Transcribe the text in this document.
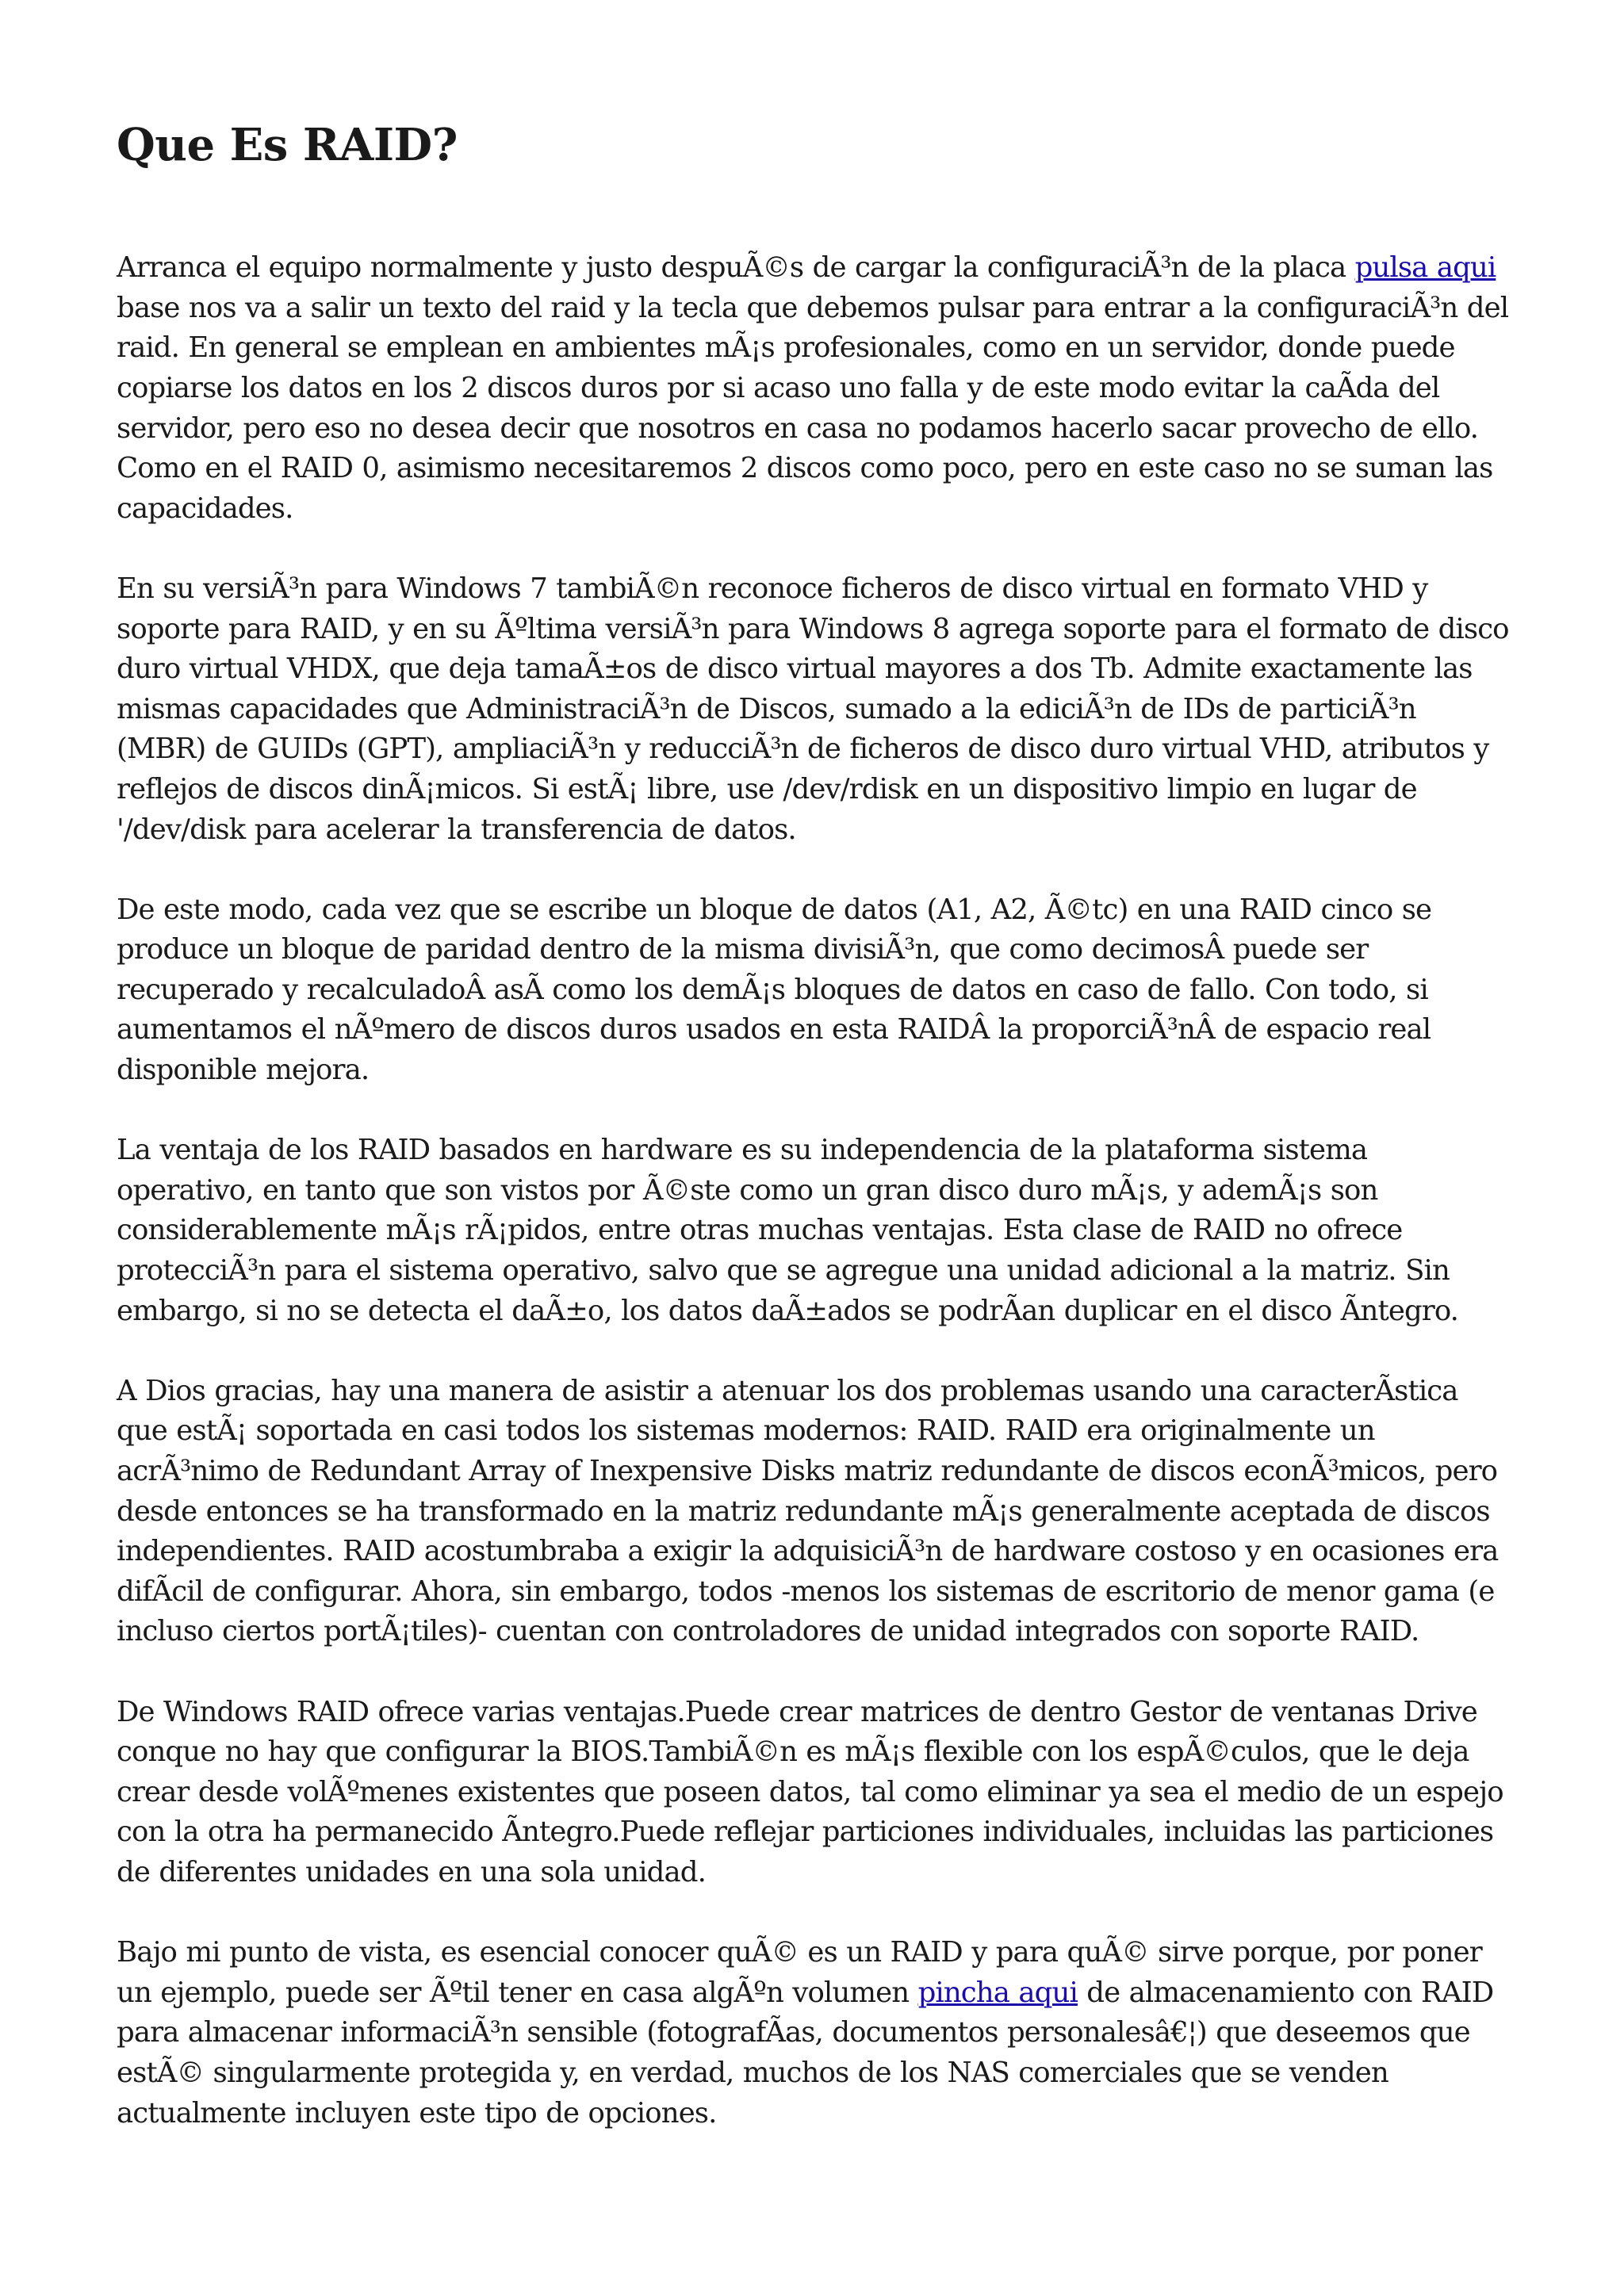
Que Es RAID?

Arranca el equipo normalmente y justo despuÃ©s de cargar la configuraciÃ³n de la placa pulsa aqui base nos va a salir un texto del raid y la tecla que debemos pulsar para entrar a la configuraciÃ³n del raid. En general se emplean en ambientes mÃ¡s profesionales, como en un servidor, donde puede copiarse los datos en los 2 discos duros por si acaso uno falla y de este modo evitar la caÃda del servidor, pero eso no desea decir que nosotros en casa no podamos hacerlo sacar provecho de ello. Como en el RAID 0, asimismo necesitaremos 2 discos como poco, pero en este caso no se suman las capacidades.

En su versiÃ³n para Windows 7 tambiÃ©n reconoce ficheros de disco virtual en formato VHD y soporte para RAID, y en su Ãºltima versiÃ³n para Windows 8 agrega soporte para el formato de disco duro virtual VHDX, que deja tamaÃ±os de disco virtual mayores a dos Tb. Admite exactamente las mismas capacidades que AdministraciÃ³n de Discos, sumado a la ediciÃ³n de IDs de particiÃ³n (MBR) de GUIDs (GPT), ampliaciÃ³n y reducciÃ³n de ficheros de disco duro virtual VHD, atributos y reflejos de discos dinÃ¡micos. Si estÃ¡ libre, use /dev/rdisk en un dispositivo limpio en lugar de '/dev/disk para acelerar la transferencia de datos.

De este modo, cada vez que se escribe un bloque de datos (A1, A2, Ã©tc) en una RAID cinco se produce un bloque de paridad dentro de la misma divisiÃ³n, que como decimosÂ puede ser recuperado y recalculadoÂ asÃ como los demÃ¡s bloques de datos en caso de fallo. Con todo, si aumentamos el nÃºmero de discos duros usados en esta RAIDÂ la proporciÃ³nÂ de espacio real disponible mejora.

La ventaja de los RAID basados en hardware es su independencia de la plataforma sistema operativo, en tanto que son vistos por Ã©ste como un gran disco duro mÃ¡s, y ademÃ¡s son considerablemente mÃ¡s rÃ¡pidos, entre otras muchas ventajas. Esta clase de RAID no ofrece protecciÃ³n para el sistema operativo, salvo que se agregue una unidad adicional a la matriz. Sin embargo, si no se detecta el daÃ±o, los datos daÃ±ados se podrÃan duplicar en el disco Ãntegro.

A Dios gracias, hay una manera de asistir a atenuar los dos problemas usando una caracterÃstica que estÃ¡ soportada en casi todos los sistemas modernos: RAID. RAID era originalmente un acrÃ³nimo de Redundant Array of Inexpensive Disks matriz redundante de discos econÃ³micos, pero desde entonces se ha transformado en la matriz redundante mÃ¡s generalmente aceptada de discos independientes. RAID acostumbraba a exigir la adquisiciÃ³n de hardware costoso y en ocasiones era difÃcil de configurar. Ahora, sin embargo, todos -menos los sistemas de escritorio de menor gama (e incluso ciertos portÃ¡tiles)- cuentan con controladores de unidad integrados con soporte RAID.

De Windows RAID ofrece varias ventajas.Puede crear matrices de dentro Gestor de ventanas Drive conque no hay que configurar la BIOS.TambiÃ©n es mÃ¡s flexible con los espÃ©culos, que le deja crear desde volÃºmenes existentes que poseen datos, tal como eliminar ya sea el medio de un espejo con la otra ha permanecido Ãntegro.Puede reflejar particiones individuales, incluidas las particiones de diferentes unidades en una sola unidad.

Bajo mi punto de vista, es esencial conocer quÃ© es un RAID y para quÃ© sirve porque, por poner un ejemplo, puede ser Ãºtil tener en casa algÃºn volumen pincha aqui de almacenamiento con RAID para almacenar informaciÃ³n sensible (fotografÃas, documentos personalesâ€¦) que deseemos que estÃ© singularmente protegida y, en verdad, muchos de los NAS comerciales que se venden actualmente incluyen este tipo de opciones.
